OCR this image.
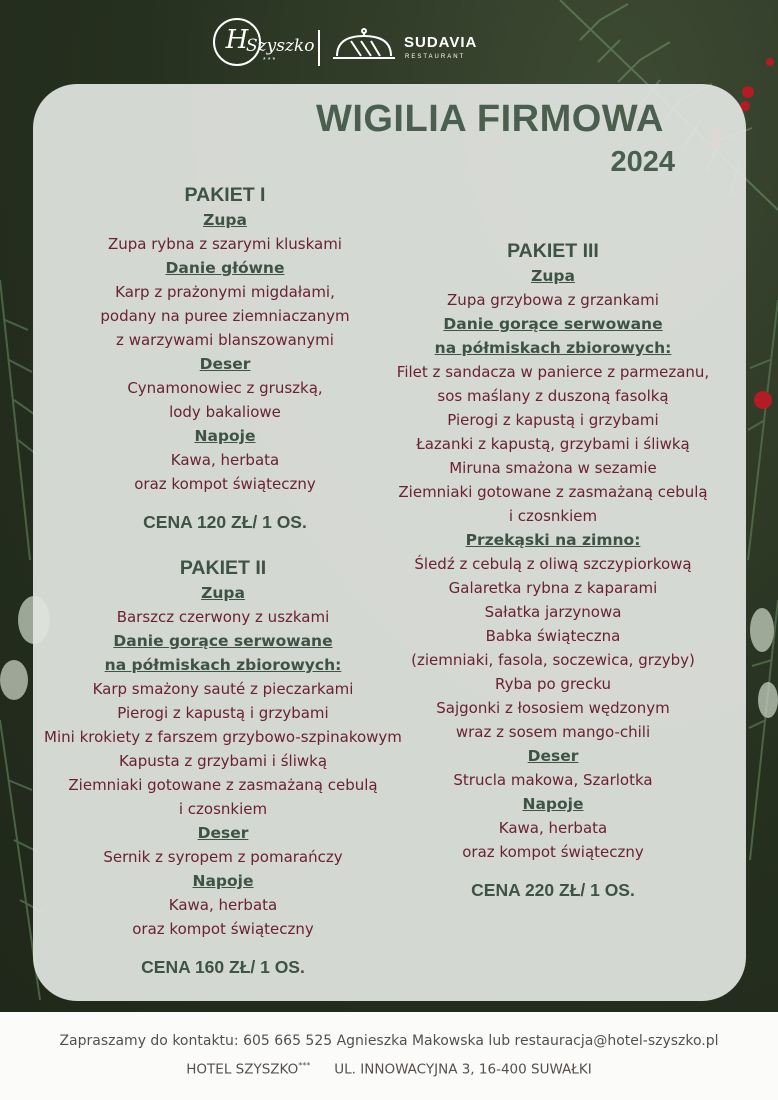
H
Szyszko
***
SUDAVIA
RESTAURANT
WIGILIA FIRMOWA
2024
PAKIET I
Zupa
Zupa rybna z szarymi kluskami
Danie główne
Karp z prażonymi migdałami,
podany na puree ziemniaczanym
z warzywami blanszowanymi
Deser
Cynamonowiec z gruszką,
lody bakaliowe
Napoje
Kawa, herbata
oraz kompot świąteczny
CENA 120 ZŁ/ 1 OS.
PAKIET II
Zupa
Barszcz czerwony z uszkami
Danie gorące serwowane
na półmiskach zbiorowych:
Karp smażony sauté z pieczarkami
Pierogi z kapustą i grzybami
Mini krokiety z farszem grzybowo-szpinakowym
Kapusta z grzybami i śliwką
Ziemniaki gotowane z zasmażaną cebulą
i czosnkiem
Deser
Sernik z syropem z pomarańczy
Napoje
Kawa, herbata
oraz kompot świąteczny
CENA 160 ZŁ/ 1 OS.
PAKIET III
Zupa
Zupa grzybowa z grzankami
Danie gorące serwowane
na półmiskach zbiorowych:
Filet z sandacza w panierce z parmezanu,
sos maślany z duszoną fasolką
Pierogi z kapustą i grzybami
Łazanki z kapustą, grzybami i śliwką
Miruna smażona w sezamie
Ziemniaki gotowane z zasmażaną cebulą
i czosnkiem
Przekąski na zimno:
Śledź z cebulą z oliwą szczypiorkową
Galaretka rybna z kaparami
Sałatka jarzynowa
Babka świąteczna
(ziemniaki, fasola, soczewica, grzyby)
Ryba po grecku
Sajgonki z łososiem wędzonym
wraz z sosem mango-chili
Deser
Strucla makowa, Szarlotka
Napoje
Kawa, herbata
oraz kompot świąteczny
CENA 220 ZŁ/ 1 OS.
Zapraszamy do kontaktu: 605 665 525 Agnieszka Makowska lub restauracja@hotel-szyszko.pl
HOTEL SZYSZKO*** UL. INNOWACYJNA 3, 16-400 SUWAŁKI
